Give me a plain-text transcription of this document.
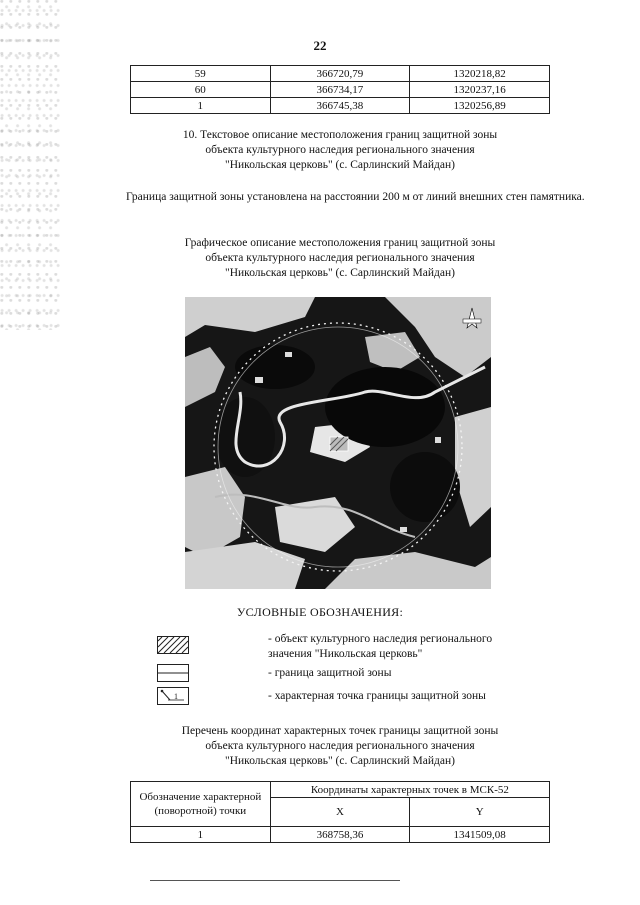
22
59	366720,79	1320218,82
60	366734,17	1320237,16
1	366745,38	1320256,89
10. Текстовое описание местоположения границ защитной зоны
объекта культурного наследия регионального значения
"Никольская церковь" (с. Сарлинский Майдан)
Граница защитной зоны установлена на расстоянии 200 м от линий внешних стен памятника.
Графическое описание местоположения границ защитной зоны
объекта культурного наследия регионального значения
"Никольская церковь" (с. Сарлинский Майдан)
УСЛОВНЫЕ ОБОЗНАЧЕНИЯ:
- объект культурного наследия регионального
значения "Никольская церковь"
- граница защитной зоны
1	- характерная точка границы защитной зоны
Перечень координат характерных точек границы защитной зоны
объекта культурного наследия регионального значения
"Никольская церковь" (с. Сарлинский Майдан)
Обозначение характерной (поворотной) точки	Координаты характерных точек в МСК-52	
	X	Y
1	368758,36	1341509,08
